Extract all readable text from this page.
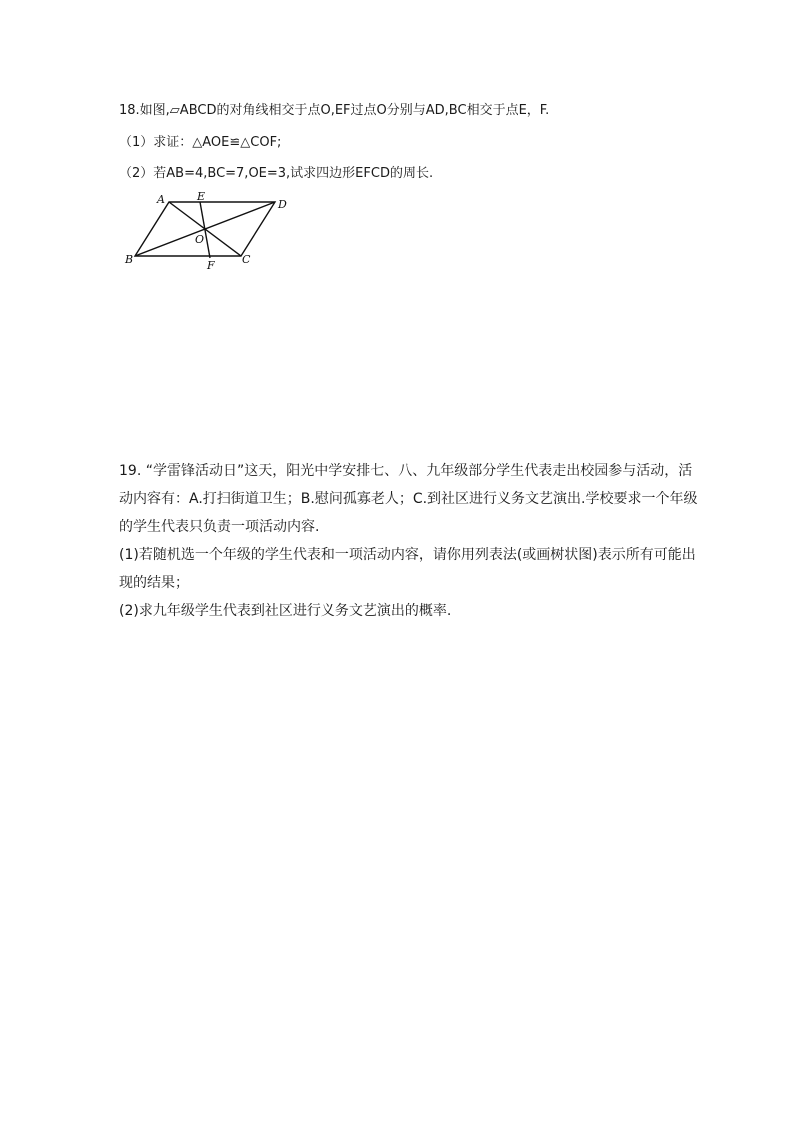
18.如图,▱ABCD的对角线相交于点O,EF过点O分别与AD,BC相交于点E，F.
（1）求证：△AOE≌△COF;
（2）若AB=4,BC=7,OE=3,试求四边形EFCD的周长.
A	E
D
O
B	F C
19. “学雷锋活动日”这天，阳光中学安排七、八、九年级部分学生代表走出校园参与活动，活
动内容有：A.打扫街道卫生；B.慰问孤寡老人；C.到社区进行义务文艺演出.学校要求一个年级
的学生代表只负责一项活动内容.
(1)若随机选一个年级的学生代表和一项活动内容，请你用列表法(或画树状图)表示所有可能出
现的结果；
(2)求九年级学生代表到社区进行义务文艺演出的概率.
